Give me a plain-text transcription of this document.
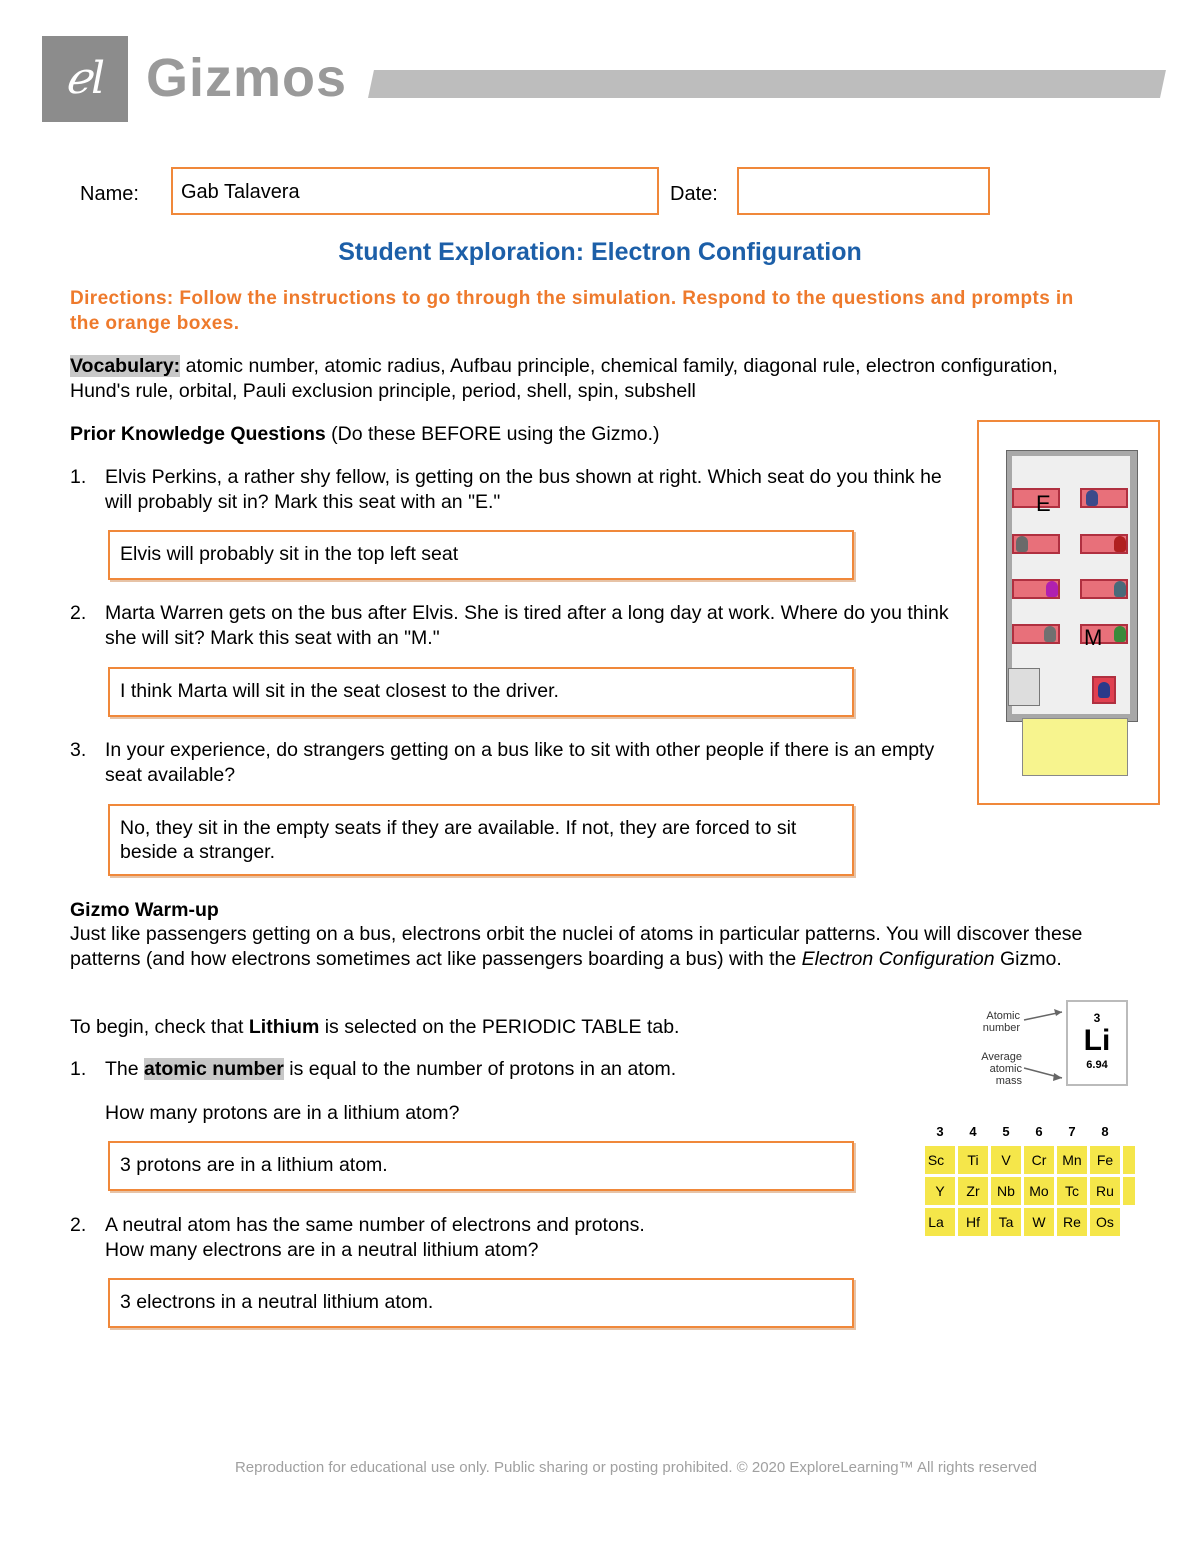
ℯl Gizmos
Name:	Gab Talavera	Date:
Student Exploration: Electron Configuration
Directions: Follow the instructions to go through the simulation. Respond to the questions and prompts in the orange boxes.
Vocabulary: atomic number, atomic radius, Aufbau principle, chemical family, diagonal rule, electron configuration, Hund's rule, orbital, Pauli exclusion principle, period, shell, spin, subshell
Prior Knowledge Questions (Do these BEFORE using the Gizmo.)
1. Elvis Perkins, a rather shy fellow, is getting on the bus shown at right. Which seat do you think he will probably sit in? Mark this seat with an "E."
Elvis will probably sit in the top left seat
2. Marta Warren gets on the bus after Elvis. She is tired after a long day at work. Where do you think she will sit? Mark this seat with an "M."
I think Marta will sit in the seat closest to the driver.
3. In your experience, do strangers getting on a bus like to sit with other people if there is an empty seat available?
No, they sit in the empty seats if they are available. If not, they are forced to sit beside a stranger.
E
M
Gizmo Warm-up
Just like passengers getting on a bus, electrons orbit the nuclei of atoms in particular patterns. You will discover these patterns (and how electrons sometimes act like passengers boarding a bus) with the Electron Configuration Gizmo.
To begin, check that Lithium is selected on the PERIODIC TABLE tab.
1. The atomic number is equal to the number of protons in an atom.
How many protons are in a lithium atom?
3 protons are in a lithium atom.
2. A neutral atom has the same number of electrons and protons.
How many electrons are in a neutral lithium atom?
3 electrons in a neutral lithium atom.
Atomic
number
Average
atomic
mass
3
Li
6.94
3	4	5	6	7	8
Sc	Ti	V	Cr	Mn	Fe
Y	Zr	Nb	Mo	Tc	Ru
La	Hf	Ta	W	Re	Os
Reproduction for educational use only. Public sharing or posting prohibited. © 2020 ExploreLearning™ All rights reserved
